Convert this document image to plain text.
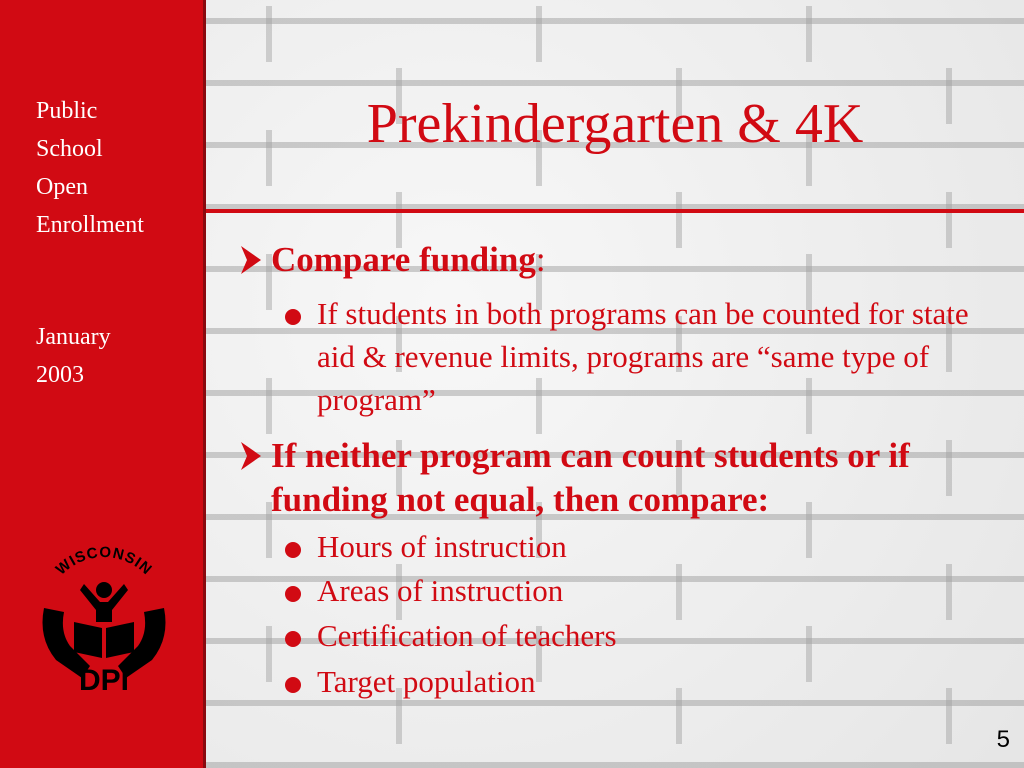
Public
School
Open
Enrollment
January
2003
WISCONSIN
DPI
Prekindergarten & 4K
Compare funding:
If students in both programs can be counted for state aid & revenue limits, programs are “same type of program”
If neither program can count students or if funding not equal, then compare:
Hours of instruction
Areas of instruction
Certification of teachers
Target population
5
